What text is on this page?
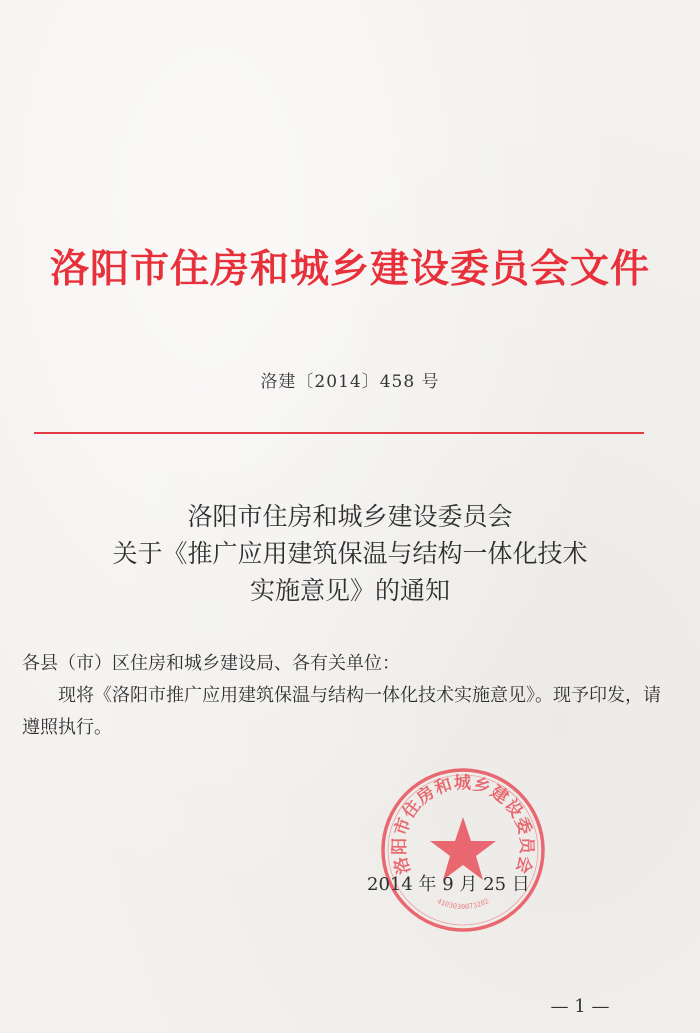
洛阳市住房和城乡建设委员会文件
洛建〔2014〕458 号
洛阳市住房和城乡建设委员会
关于《推广应用建筑保温与结构一体化技术
实施意见》的通知
各县（市）区住房和城乡建设局、各有关单位：
现将《洛阳市推广应用建筑保温与结构一体化技术实施意见》。现予印发，请遵照执行。
洛阳市住房和城乡建设委员会
4103030073202
2014 年 9 月 25 日
— 1 —
